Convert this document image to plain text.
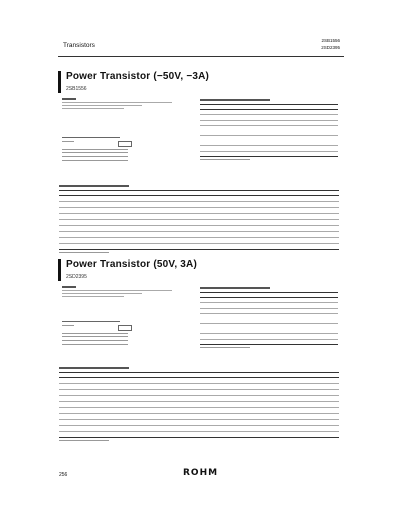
Transistors
2SB1556
2SD2395
Power Transistor (−50V, −3A)
2SB1556
Power Transistor (50V, 3A)
2SD2395
256	ROHM
